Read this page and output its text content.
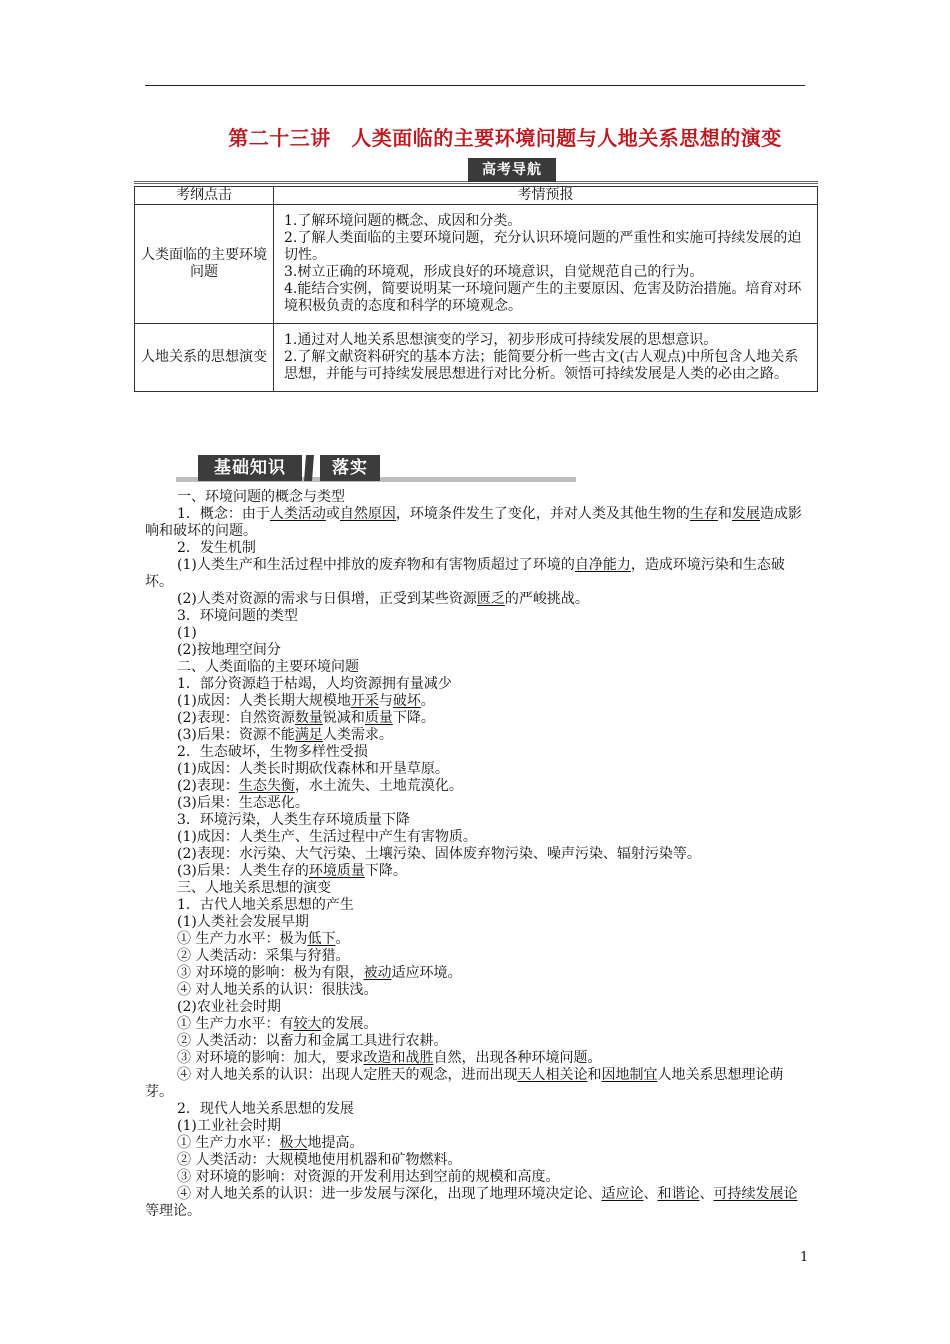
第二十三讲　人类面临的主要环境问题与人地关系思想的演变
高考导航
考纲点击	考情预报
人类面临的主要环境问题	1.了解环境问题的概念、成因和分类。
2.了解人类面临的主要环境问题，充分认识环境问题的严重性和实施可持续发展的迫切性。
3.树立正确的环境观，形成良好的环境意识，自觉规范自己的行为。
4.能结合实例，简要说明某一环境问题产生的主要原因、危害及防治措施。培育对环境积极负责的态度和科学的环境观念。

人地关系的思想演变	1.通过对人地关系思想演变的学习，初步形成可持续发展的思想意识。
2.了解文献资料研究的基本方法；能简要分析一些古文(古人观点)中所包含人地关系思想，并能与可持续发展思想进行对比分析。领悟可持续发展是人类的必由之路。
基础知识	落实

一、环境问题的概念与类型

1．概念：由于人类活动或自然原因，环境条件发生了变化，并对人类及其他生物的生存和发展造成影响和破坏的问题。

2．发生机制

(1)人类生产和生活过程中排放的废弃物和有害物质超过了环境的自净能力，造成环境污染和生态破坏。

(2)人类对资源的需求与日俱增，正受到某些资源匮乏的严峻挑战。

3．环境问题的类型

(1)

(2)按地理空间分

二、人类面临的主要环境问题

1．部分资源趋于枯竭，人均资源拥有量减少

(1)成因：人类长期大规模地开采与破坏。

(2)表现：自然资源数量锐减和质量下降。

(3)后果：资源不能满足人类需求。

2．生态破坏，生物多样性受损

(1)成因：人类长时期砍伐森林和开垦草原。

(2)表现：生态失衡，水土流失、土地荒漠化。

(3)后果：生态恶化。

3．环境污染，人类生存环境质量下降

(1)成因：人类生产、生活过程中产生有害物质。

(2)表现：水污染、大气污染、土壤污染、固体废弃物污染、噪声污染、辐射污染等。

(3)后果：人类生存的环境质量下降。

三、人地关系思想的演变

1．古代人地关系思想的产生

(1)人类社会发展早期

① 生产力水平：极为低下。

② 人类活动：采集与狩猎。

③ 对环境的影响：极为有限，被动适应环境。

④ 对人地关系的认识：很肤浅。

(2)农业社会时期

① 生产力水平：有较大的发展。

② 人类活动：以畜力和金属工具进行农耕。

③ 对环境的影响：加大，要求改造和战胜自然，出现各种环境问题。

④ 对人地关系的认识：出现人定胜天的观念，进而出现天人相关论和因地制宜人地关系思想理论萌芽。

2．现代人地关系思想的发展

(1)工业社会时期

① 生产力水平：极大地提高。

② 人类活动：大规模地使用机器和矿物燃料。

③ 对环境的影响：对资源的开发利用达到空前的规模和高度。

④ 对人地关系的认识：进一步发展与深化，出现了地理环境决定论、适应论、和谐论、可持续发展论等理论。

1
